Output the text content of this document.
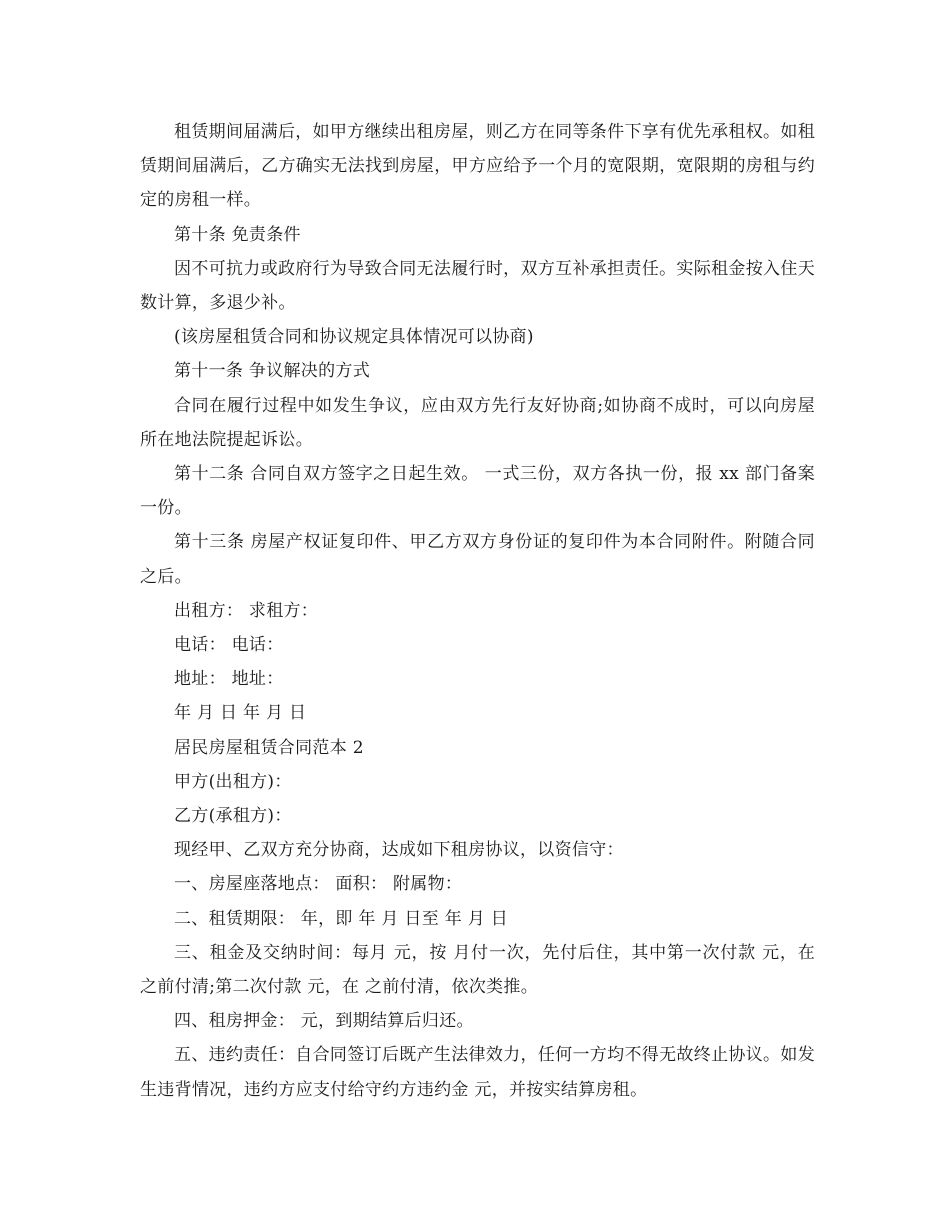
租赁期间届满后，如甲方继续出租房屋，则乙方在同等条件下享有优先承租权。如租赁期间届满后，乙方确实无法找到房屋，甲方应给予一个月的宽限期，宽限期的房租与约定的房租一样。

第十条 免责条件

因不可抗力或政府行为导致合同无法履行时，双方互补承担责任。实际租金按入住天数计算，多退少补。

(该房屋租赁合同和协议规定具体情况可以协商)

第十一条 争议解决的方式

合同在履行过程中如发生争议，应由双方先行友好协商;如协商不成时，可以向房屋所在地法院提起诉讼。

第十二条 合同自双方签字之日起生效。 一式三份，双方各执一份，报 xx 部门备案一份。

第十三条 房屋产权证复印件、甲乙方双方身份证的复印件为本合同附件。附随合同之后。

出租方： 求租方：

电话： 电话：

地址： 地址：

年 月 日 年 月 日

居民房屋租赁合同范本 2

甲方(出租方)：

乙方(承租方)：

现经甲、乙双方充分协商，达成如下租房协议，以资信守：

一、房屋座落地点： 面积： 附属物：

二、租赁期限： 年，即 年 月 日至 年 月 日

三、租金及交纳时间：每月 元，按 月付一次，先付后住，其中第一次付款 元，在 之前付清;第二次付款 元，在 之前付清，依次类推。

四、租房押金： 元，到期结算后归还。

五、违约责任：自合同签订后既产生法律效力，任何一方均不得无故终止协议。如发生违背情况，违约方应支付给守约方违约金 元，并按实结算房租。
